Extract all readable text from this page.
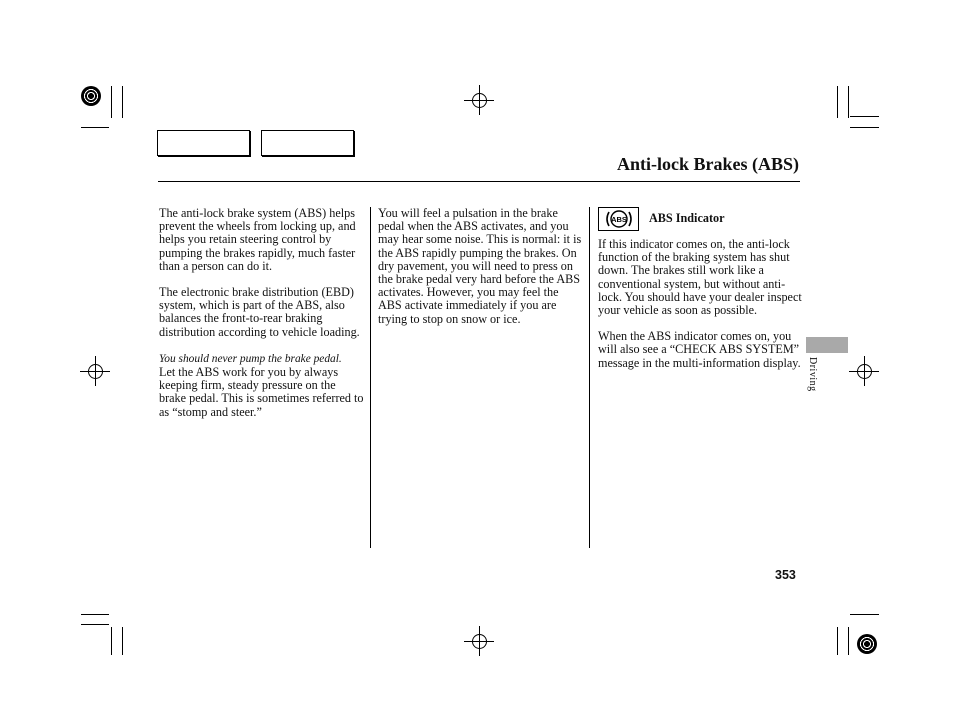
Anti-lock Brakes (ABS)

The anti-lock brake system (ABS) helps prevent the wheels from locking up, and helps you retain steering control by pumping the brakes rapidly, much faster than a person can do it.

The electronic brake distribution (EBD) system, which is part of the ABS, also balances the front-to-rear braking distribution according to vehicle loading.

You should never pump the brake pedal.
Let the ABS work for you by always keeping firm, steady pressure on the brake pedal. This is sometimes referred to as “stomp and steer.”

You will feel a pulsation in the brake pedal when the ABS activates, and you may hear some noise. This is normal: it is the ABS rapidly pumping the brakes. On dry pavement, you will need to press on the brake pedal very hard before the ABS activates. However, you may feel the ABS activate immediately if you are trying to stop on snow or ice.

ABS ABS Indicator

If this indicator comes on, the anti-lock function of the braking system has shut down. The brakes still work like a conventional system, but without anti-lock. You should have your dealer inspect your vehicle as soon as possible.

When the ABS indicator comes on, you will also see a “CHECK ABS SYSTEM” message in the multi-information display. Driving
353
